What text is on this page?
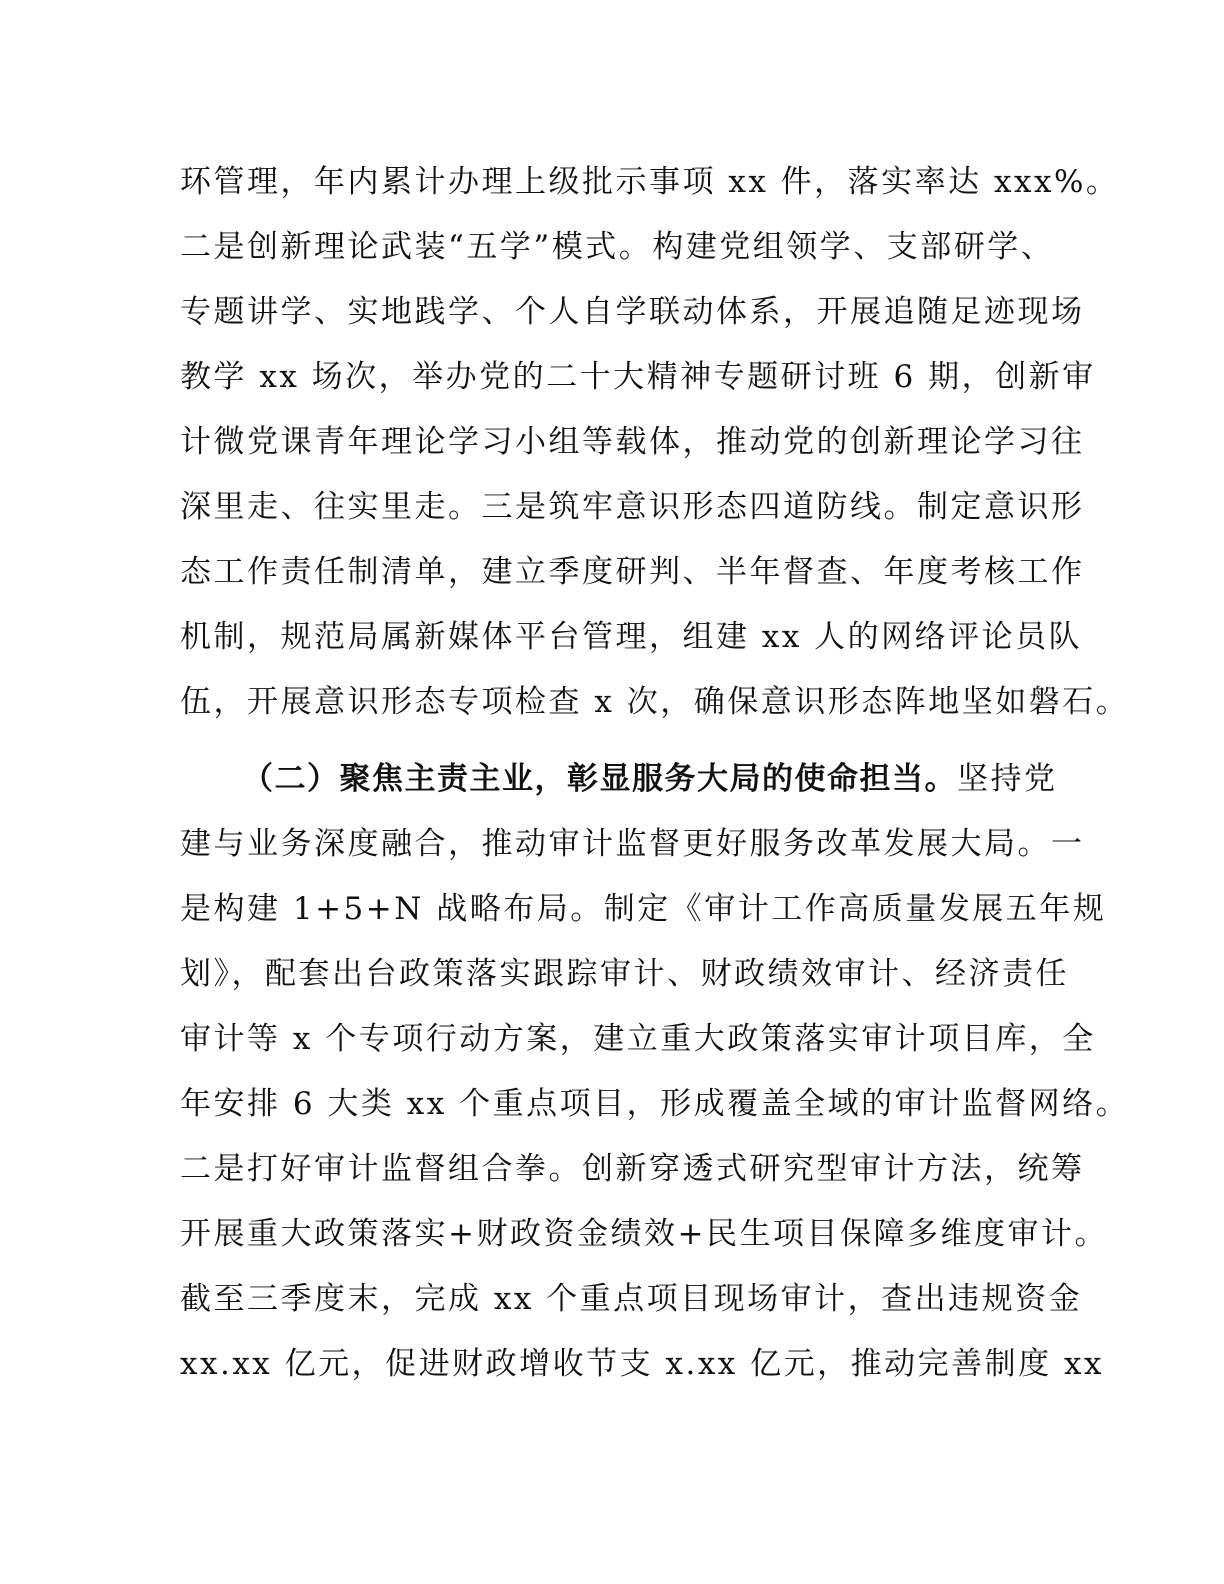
环管理，年内累计办理上级批示事项 xx 件，落实率达 xxx%。
二是创新理论武装“五学”模式。构建党组领学、支部研学、
专题讲学、实地践学、个人自学联动体系，开展追随足迹现场
教学 xx 场次，举办党的二十大精神专题研讨班 6 期，创新审
计微党课青年理论学习小组等载体，推动党的创新理论学习往
深里走、往实里走。三是筑牢意识形态四道防线。制定意识形
态工作责任制清单，建立季度研判、半年督查、年度考核工作
机制，规范局属新媒体平台管理，组建 xx 人的网络评论员队
伍，开展意识形态专项检查 x 次，确保意识形态阵地坚如磐石。
（二）聚焦主责主业，彰显服务大局的使命担当。坚持党
建与业务深度融合，推动审计监督更好服务改革发展大局。一
是构建 1+5+N 战略布局。制定《审计工作高质量发展五年规
划》，配套出台政策落实跟踪审计、财政绩效审计、经济责任
审计等 x 个专项行动方案，建立重大政策落实审计项目库，全
年安排 6 大类 xx 个重点项目，形成覆盖全域的审计监督网络。
二是打好审计监督组合拳。创新穿透式研究型审计方法，统筹
开展重大政策落实+财政资金绩效+民生项目保障多维度审计。
截至三季度末，完成 xx 个重点项目现场审计，查出违规资金
xx.xx 亿元，促进财政增收节支 x.xx 亿元，推动完善制度 xx
